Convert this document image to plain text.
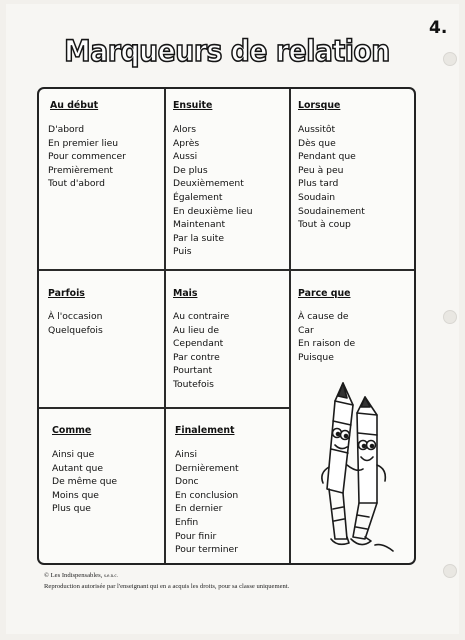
4.
Marqueurs de relation
Au début
D'abord
En premier lieu
Pour commencer
Premièrement
Tout d'abord
Ensuite
Alors
Après
Aussi
De plus
Deuxièmement
Également
En deuxième lieu
Maintenant
Par la suite
Puis
Lorsque
Aussitôt
Dès que
Pendant que
Peu à peu
Plus tard
Soudain
Soudainement
Tout à coup
Parfois
À l'occasion
Quelquefois
Mais
Au contraire
Au lieu de
Cependant
Par contre
Pourtant
Toutefois
Parce que
À cause de
Car
En raison de
Puisque
Comme
Ainsi que
Autant que
De même que
Moins que
Plus que
Finalement
Ainsi
Dernièrement
Donc
En conclusion
En dernier
Enfin
Pour finir
Pour terminer
© Les Indispensables, s.e.n.c.
Reproduction autorisée par l'enseignant qui en a acquis les droits, pour sa classe uniquement.
